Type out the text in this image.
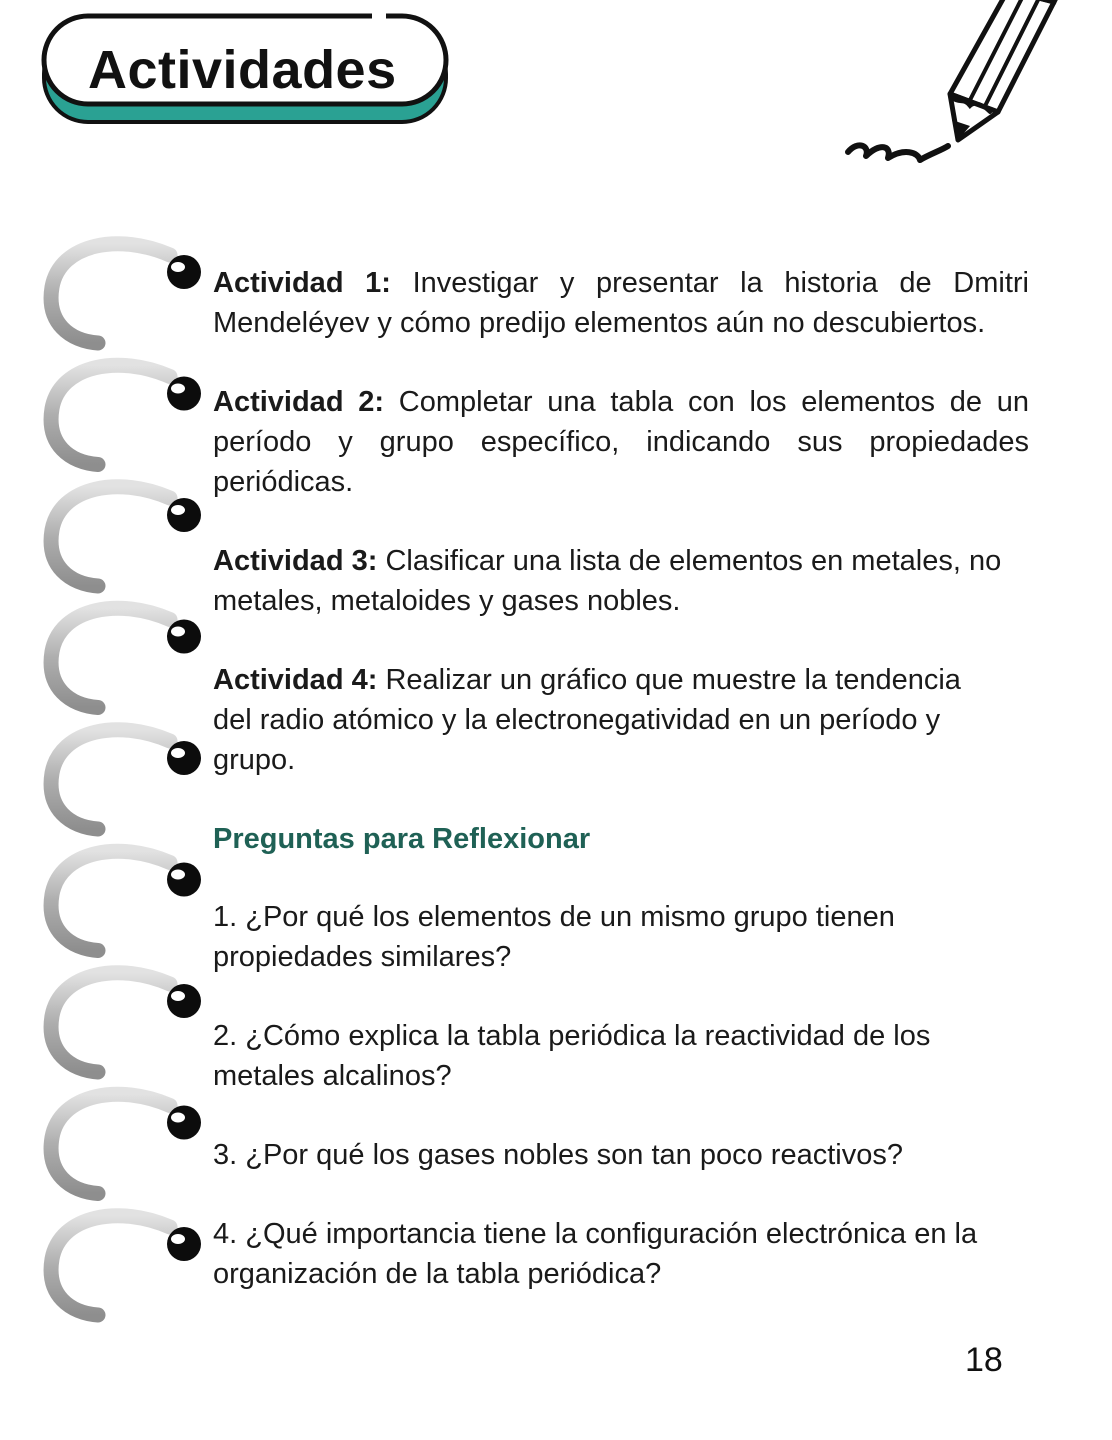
Actividades

Actividad 1: Investigar y presentar la historia de Dmitri Mendeléyev y cómo predijo elementos aún no descubiertos.

Actividad 2: Completar una tabla con los elementos de un período y grupo específico, indicando sus propiedades periódicas.

Actividad 3: Clasificar una lista de elementos en metales, no metales, metaloides y gases nobles.

Actividad 4: Realizar un gráfico que muestre la tendencia del radio atómico y la electronegatividad en un período y grupo.

Preguntas para Reflexionar

1. ¿Por qué los elementos de un mismo grupo tienen propiedades similares?

2. ¿Cómo explica la tabla periódica la reactividad de los metales alcalinos?

3. ¿Por qué los gases nobles son tan poco reactivos?

4. ¿Qué importancia tiene la configuración electrónica en la organización de la tabla periódica?

18
